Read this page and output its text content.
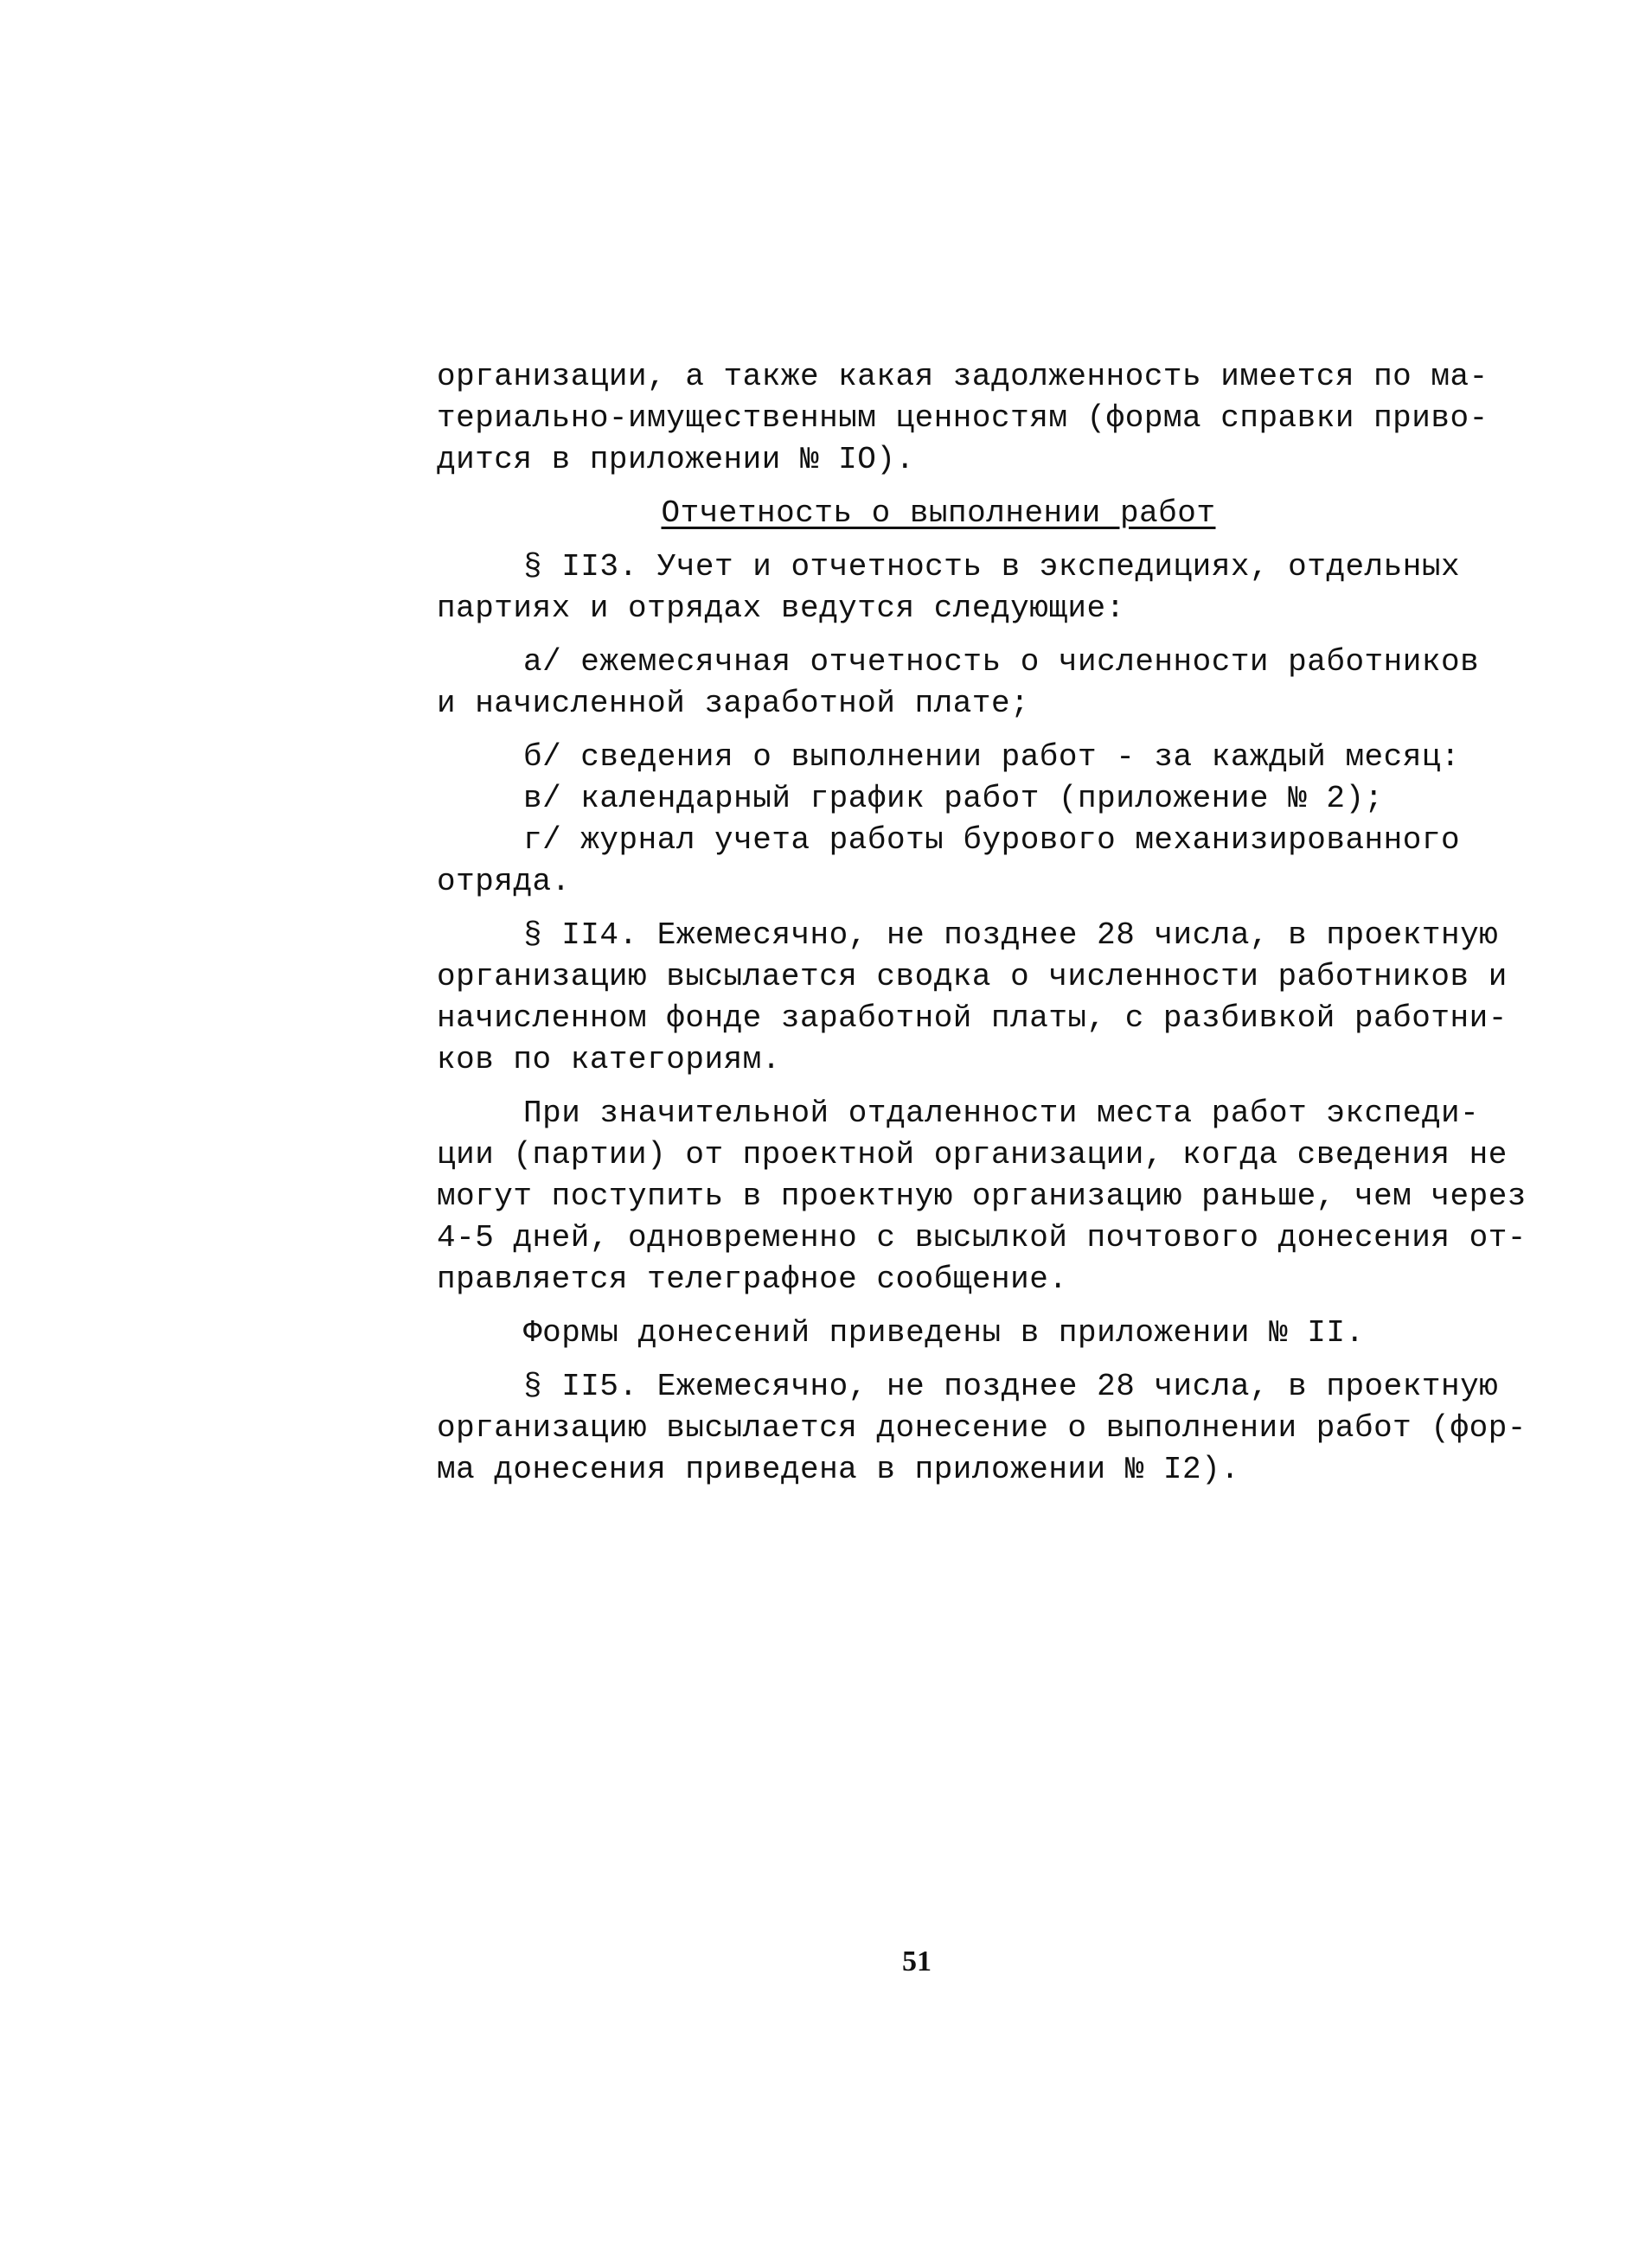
организации, а также какая задолженность имеется по ма-
териально-имущественным ценностям (форма справки приво-
дится в приложении № IO).
Отчетность о выполнении работ
§ II3. Учет и отчетность в экспедициях, отдельных
партиях и отрядах ведутся следующие:
а/ ежемесячная отчетность о численности работников
и начисленной заработной плате;
б/ сведения о выполнении работ - за каждый месяц:
в/ календарный график работ (приложение № 2);
г/ журнал учета работы бурового механизированного
отряда.
§ II4. Ежемесячно, не позднее 28 числа, в проектную
организацию высылается сводка о численности работников и
начисленном фонде заработной платы, с разбивкой работни-
ков по категориям.
При значительной отдаленности места работ экспеди-
ции (партии) от проектной организации, когда сведения не
могут поступить в проектную организацию раньше, чем через
4-5 дней, одновременно с высылкой почтового донесения от-
правляется телеграфное сообщение.
Формы донесений приведены в приложении № II.
§ II5. Ежемесячно, не позднее 28 числа, в проектную
организацию высылается донесение о выполнении работ (фор-
ма донесения приведена в приложении № I2).
51
